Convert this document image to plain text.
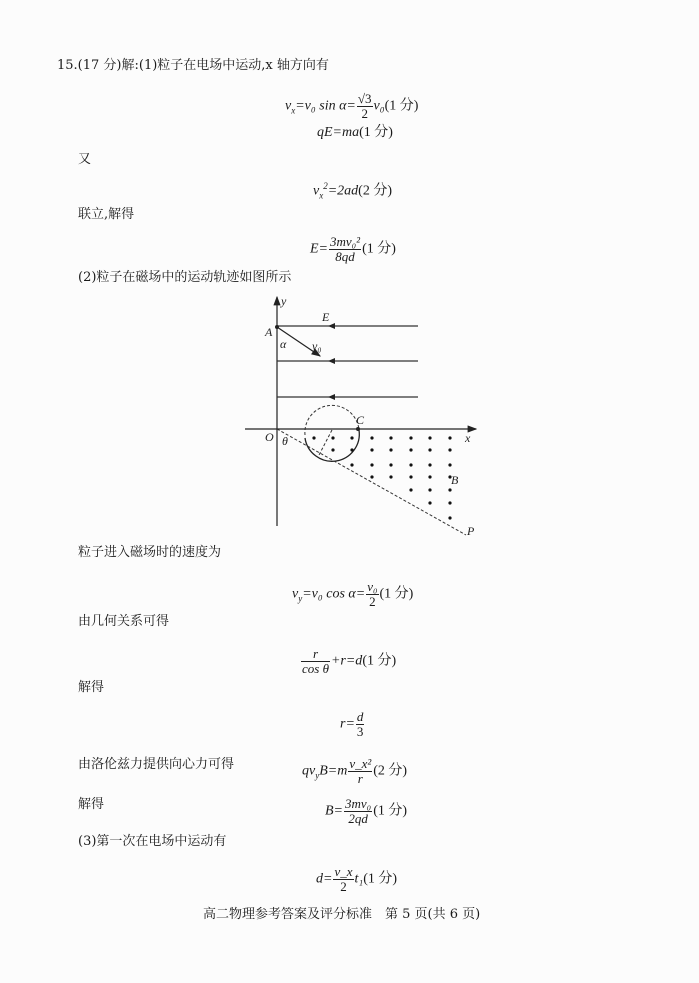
15.(17 分)解:(1)粒子在电场中运动,x 轴方向有
$v_x=v_0$ $\sin \alpha= \frac{√3}{2} v_0(1$ 分)
qE=ma(1 分)
又
$v_x^2=2ad(2$ 分)
联立,解得
$E= \frac{\text{3mv₀²}}{8qd} (1$ 分)
(2)粒子在磁场中的运动轨迹如图所示
y
x
E
A
α v₀
O θ
C
B
P
粒子进入磁场时的速度为
$v_y=v_0$ $\cos \alpha= \frac{\text{v₀}}{2} (1$ 分)
由几何关系可得
$\frac{r}{\text{cos θ}} +r=d(1$ 分)
解得
$r= \frac{d}{3}$
由洛伦兹力提供向心力可得	$qv_yB=m \frac{\text{v\_x²}}{r} (2$ 分)
解得	$B= \frac{\text{3mv₀}}{2qd} (1$ 分)
(3)第一次在电场中运动有
$d= \frac{v\_x}{2} t_1(1$ 分)
高二物理参考答案及评分标准　第 5 页(共 6 页)
